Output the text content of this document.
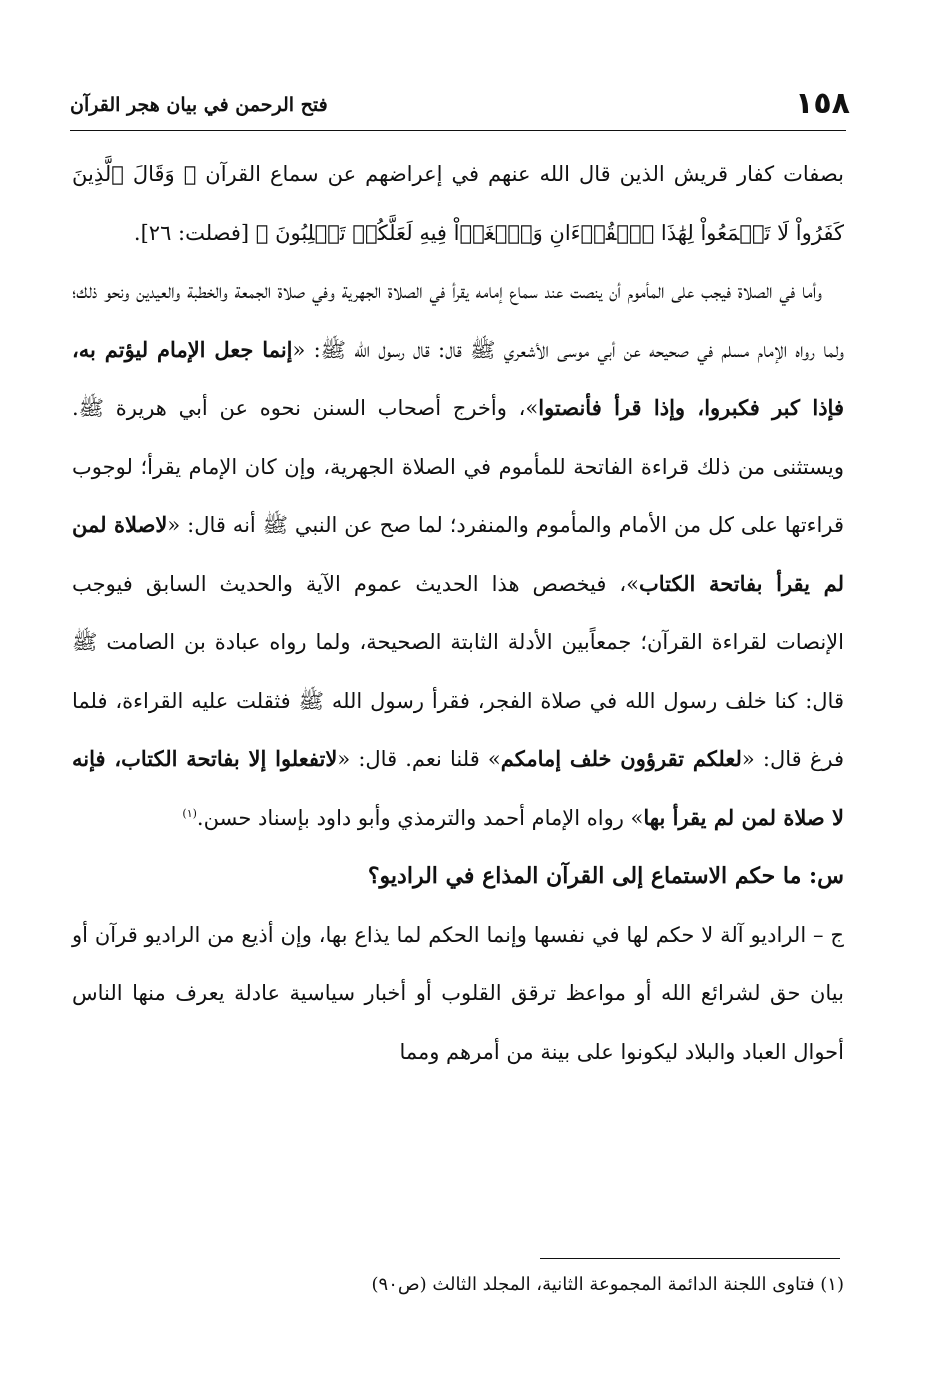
١٥٨
فتح الرحمن في بيان هجر القرآن

بصفات كفار قريش الذين قال الله عنهم في إعراضهم عن سماع القرآن ﴿ وَقَالَ ٱلَّذِينَ كَفَرُواْ لَا تَسۡمَعُواْ لِهَٰذَا ٱلۡقُرۡءَانِ وَٱلۡغَوۡاْ فِيهِ لَعَلَّكُمۡ تَغۡلِبُونَ ﴾ [فصلت: ٢٦].

وأما في الصلاة فيجب على المأموم أن ينصت عند سماع إمامه يقرأ في الصلاة الجهرية وفي صلاة الجمعة والخطبة والعيدين ونحو ذلك؛ ولما رواه الإمام مسلم في صحيحه عن أبي موسى الأشعري ﷺ قال: قال رسول الله ﷺ: «إنما جعل الإمام ليؤتم به، فإذا كبر فكبروا، وإذا قرأ فأنصتوا»، وأخرج أصحاب السنن نحوه عن أبي هريرة ﷺ. ويستثنى من ذلك قراءة الفاتحة للمأموم في الصلاة الجهرية، وإن كان الإمام يقرأ؛ لوجوب قراءتها على كل من الأمام والمأموم والمنفرد؛ لما صح عن النبي ﷺ أنه قال: «لاصلاة لمن لم يقرأ بفاتحة الكتاب»، فيخصص هذا الحديث عموم الآية والحديث السابق فيوجب الإنصات لقراءة القرآن؛ جمعاًبين الأدلة الثابتة الصحيحة، ولما رواه عبادة بن الصامت ﷺ قال: كنا خلف رسول الله في صلاة الفجر، فقرأ رسول الله ﷺ فثقلت عليه القراءة، فلما فرغ قال: «لعلكم تقرؤون خلف إمامكم» قلنا نعم. قال: «لاتفعلوا إلا بفاتحة الكتاب، فإنه لا صلاة لمن لم يقرأ بها» رواه الإمام أحمد والترمذي وأبو داود بإسناد حسن.$^{(١)}$

س: ما حكم الاستماع إلى القرآن المذاع في الراديو؟

ج – الراديو آلة لا حكم لها في نفسها وإنما الحكم لما يذاع بها، وإن أذيع من الراديو قرآن أو بيان حق لشرائع الله أو مواعظ ترقق القلوب أو أخبار سياسية عادلة يعرف منها الناس أحوال العباد والبلاد ليكونوا على بينة من أمرهم ومما

(١) فتاوى اللجنة الدائمة المجموعة الثانية، المجلد الثالث (ص٩٠)
